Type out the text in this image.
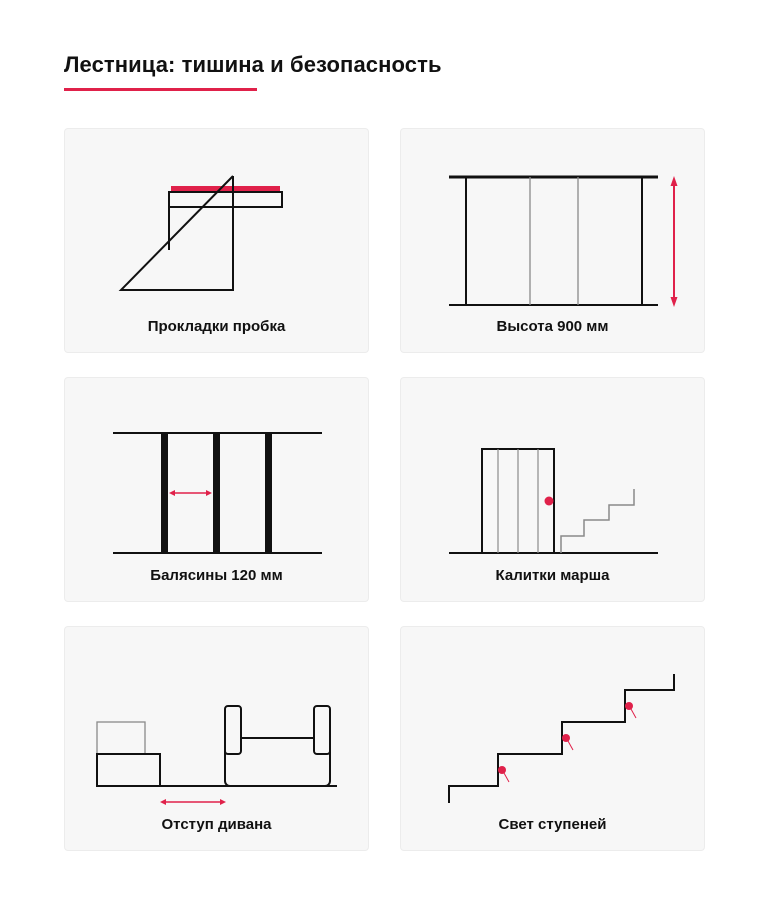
Лестница: тишина и безопасность
Прокладки пробка	Высота 900 мм
Балясины 120 мм	Калитки марша
Отступ дивана	Свет ступеней
